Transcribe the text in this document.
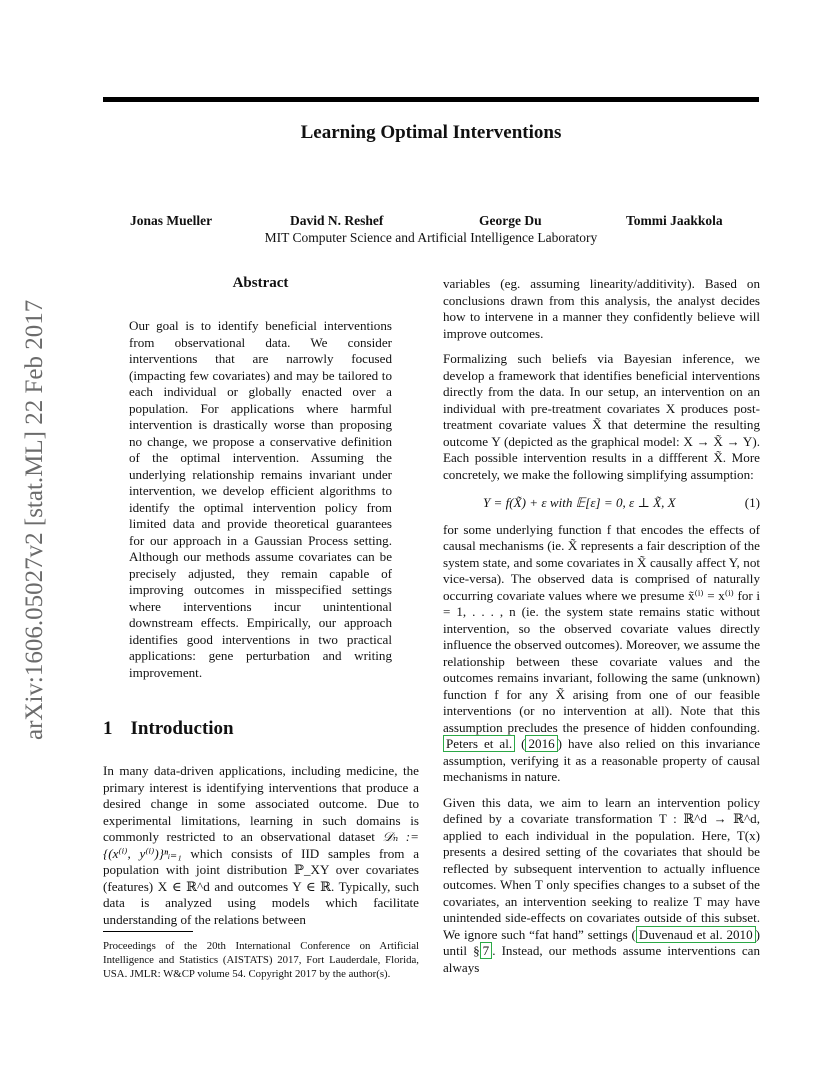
Learning Optimal Interventions
Jonas Mueller	David N. Reshef	George Du	Tommi Jaakkola
MIT Computer Science and Artificial Intelligence Laboratory
arXiv:1606.05027v2 [stat.ML] 22 Feb 2017
Abstract

Our goal is to identify beneficial interventions from observational data. We consider interventions that are narrowly focused (impacting few covariates) and may be tailored to each individual or globally enacted over a population. For applications where harmful intervention is drastically worse than proposing no change, we propose a conservative definition of the optimal intervention. Assuming the underlying relationship remains invariant under intervention, we develop efficient algorithms to identify the optimal intervention policy from limited data and provide theoretical guarantees for our approach in a Gaussian Process setting. Although our methods assume covariates can be precisely adjusted, they remain capable of improving outcomes in misspecified settings where interventions incur unintentional downstream effects. Empirically, our approach identifies good interventions in two practical applications: gene perturbation and writing improvement.

1 Introduction

In many data-driven applications, including medicine, the primary interest is identifying interventions that produce a desired change in some associated outcome. Due to experimental limitations, learning in such domains is commonly restricted to an observational dataset 𝒟ₙ := {(x⁽ⁱ⁾, y⁽ⁱ⁾)}ⁿᵢ₌₁ which consists of IID samples from a population with joint distribution ℙ_XY over covariates (features) X ∈ ℝ^d and outcomes Y ∈ ℝ. Typically, such data is analyzed using models which facilitate understanding of the relations between

Proceedings of the 20th International Conference on Artificial Intelligence and Statistics (AISTATS) 2017, Fort Lauderdale, Florida, USA. JMLR: W&CP volume 54. Copyright 2017 by the author(s).

variables (eg. assuming linearity/additivity). Based on conclusions drawn from this analysis, the analyst decides how to intervene in a manner they confidently believe will improve outcomes.

Formalizing such beliefs via Bayesian inference, we develop a framework that identifies beneficial interventions directly from the data. In our setup, an intervention on an individual with pre-treatment covariates X produces post-treatment covariate values X̃ that determine the resulting outcome Y (depicted as the graphical model: X → X̃ → Y). Each possible intervention results in a diffferent X̃. More concretely, we make the following simplifying assumption:

Y = f(X̃) + ε with 𝔼[ε] = 0, ε ⊥ X̃, X	(1)

for some underlying function f that encodes the effects of causal mechanisms (ie. X̃ represents a fair description of the system state, and some covariates in X̃ causally affect Y, not vice-versa). The observed data is comprised of naturally occurring covariate values where we presume x̃⁽ⁱ⁾ = x⁽ⁱ⁾ for i = 1, . . . , n (ie. the system state remains static without intervention, so the observed covariate values directly influence the observed outcomes). Moreover, we assume the relationship between these covariate values and the outcomes remains invariant, following the same (unknown) function f for any X̃ arising from one of our feasible interventions (or no intervention at all). Note that this assumption precludes the presence of hidden confounding. Peters et al. ( 2016 ) have also relied on this invariance assumption, verifying it as a reasonable property of causal mechanisms in nature.

Given this data, we aim to learn an intervention policy defined by a covariate transformation T : ℝ^d → ℝ^d, applied to each individual in the population. Here, T(x) presents a desired setting of the covariates that should be reflected by subsequent intervention to actually influence outcomes. When T only specifies changes to a subset of the covariates, an intervention seeking to realize T may have unintended side-effects on covariates outside of this subset. We ignore such “fat hand” settings ( Duvenaud et al. 2010 ) until § 7 . Instead, our methods assume interventions can always
